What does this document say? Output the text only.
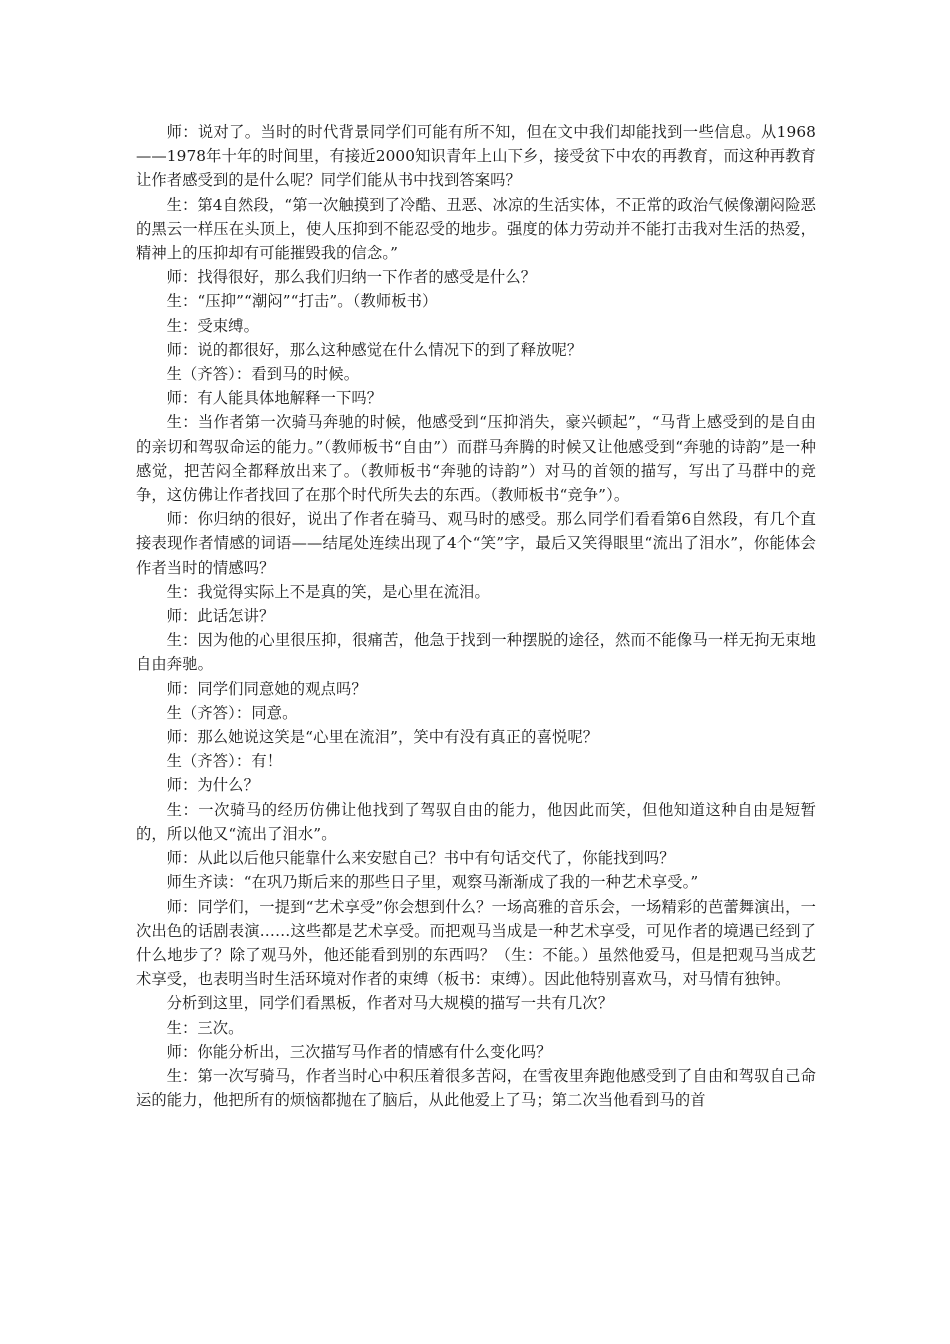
师：说对了。当时的时代背景同学们可能有所不知，但在文中我们却能找到一些信息。从1968——1978年十年的时间里，有接近2000知识青年上山下乡，接受贫下中农的再教育，而这种再教育让作者感受到的是什么呢？同学们能从书中找到答案吗？

生：第4自然段，“第一次触摸到了冷酷、丑恶、冰凉的生活实体，不正常的政治气候像潮闷险恶的黑云一样压在头顶上，使人压抑到不能忍受的地步。强度的体力劳动并不能打击我对生活的热爱，精神上的压抑却有可能摧毁我的信念。”

师：找得很好，那么我们归纳一下作者的感受是什么？

生：“压抑”“潮闷”“打击”。（教师板书）

生：受束缚。

师：说的都很好，那么这种感觉在什么情况下的到了释放呢？

生（齐答）：看到马的时候。

师：有人能具体地解释一下吗？

生：当作者第一次骑马奔驰的时候，他感受到“压抑消失，豪兴顿起”，“马背上感受到的是自由的亲切和驾驭命运的能力。”（教师板书“自由”）而群马奔腾的时候又让他感受到“奔驰的诗韵”是一种感觉，把苦闷全都释放出来了。（教师板书“奔驰的诗韵”）对马的首领的描写，写出了马群中的竞争，这仿佛让作者找回了在那个时代所失去的东西。（教师板书“竞争”）。

师：你归纳的很好，说出了作者在骑马、观马时的感受。那么同学们看看第6自然段，有几个直接表现作者情感的词语——结尾处连续出现了4个“笑”字，最后又笑得眼里“流出了泪水”，你能体会作者当时的情感吗？

生：我觉得实际上不是真的笑，是心里在流泪。

师：此话怎讲？

生：因为他的心里很压抑，很痛苦，他急于找到一种摆脱的途径，然而不能像马一样无拘无束地自由奔驰。

师：同学们同意她的观点吗？

生（齐答）：同意。

师：那么她说这笑是“心里在流泪”，笑中有没有真正的喜悦呢？

生（齐答）：有！

师：为什么？

生：一次骑马的经历仿佛让他找到了驾驭自由的能力，他因此而笑，但他知道这种自由是短暂的，所以他又“流出了泪水”。

师：从此以后他只能靠什么来安慰自己？书中有句话交代了，你能找到吗？

师生齐读：“在巩乃斯后来的那些日子里，观察马渐渐成了我的一种艺术享受。”

师：同学们，一提到“艺术享受”你会想到什么？一场高雅的音乐会，一场精彩的芭蕾舞演出，一次出色的话剧表演……这些都是艺术享受。而把观马当成是一种艺术享受，可见作者的境遇已经到了什么地步了？除了观马外，他还能看到别的东西吗？（生：不能。）虽然他爱马，但是把观马当成艺术享受，也表明当时生活环境对作者的束缚（板书：束缚）。因此他特别喜欢马，对马情有独钟。

分析到这里，同学们看黑板，作者对马大规模的描写一共有几次？

生：三次。

师：你能分析出，三次描写马作者的情感有什么变化吗？

生：第一次写骑马，作者当时心中积压着很多苦闷，在雪夜里奔跑他感受到了自由和驾驭自己命运的能力，他把所有的烦恼都抛在了脑后，从此他爱上了马；第二次当他看到马的首
